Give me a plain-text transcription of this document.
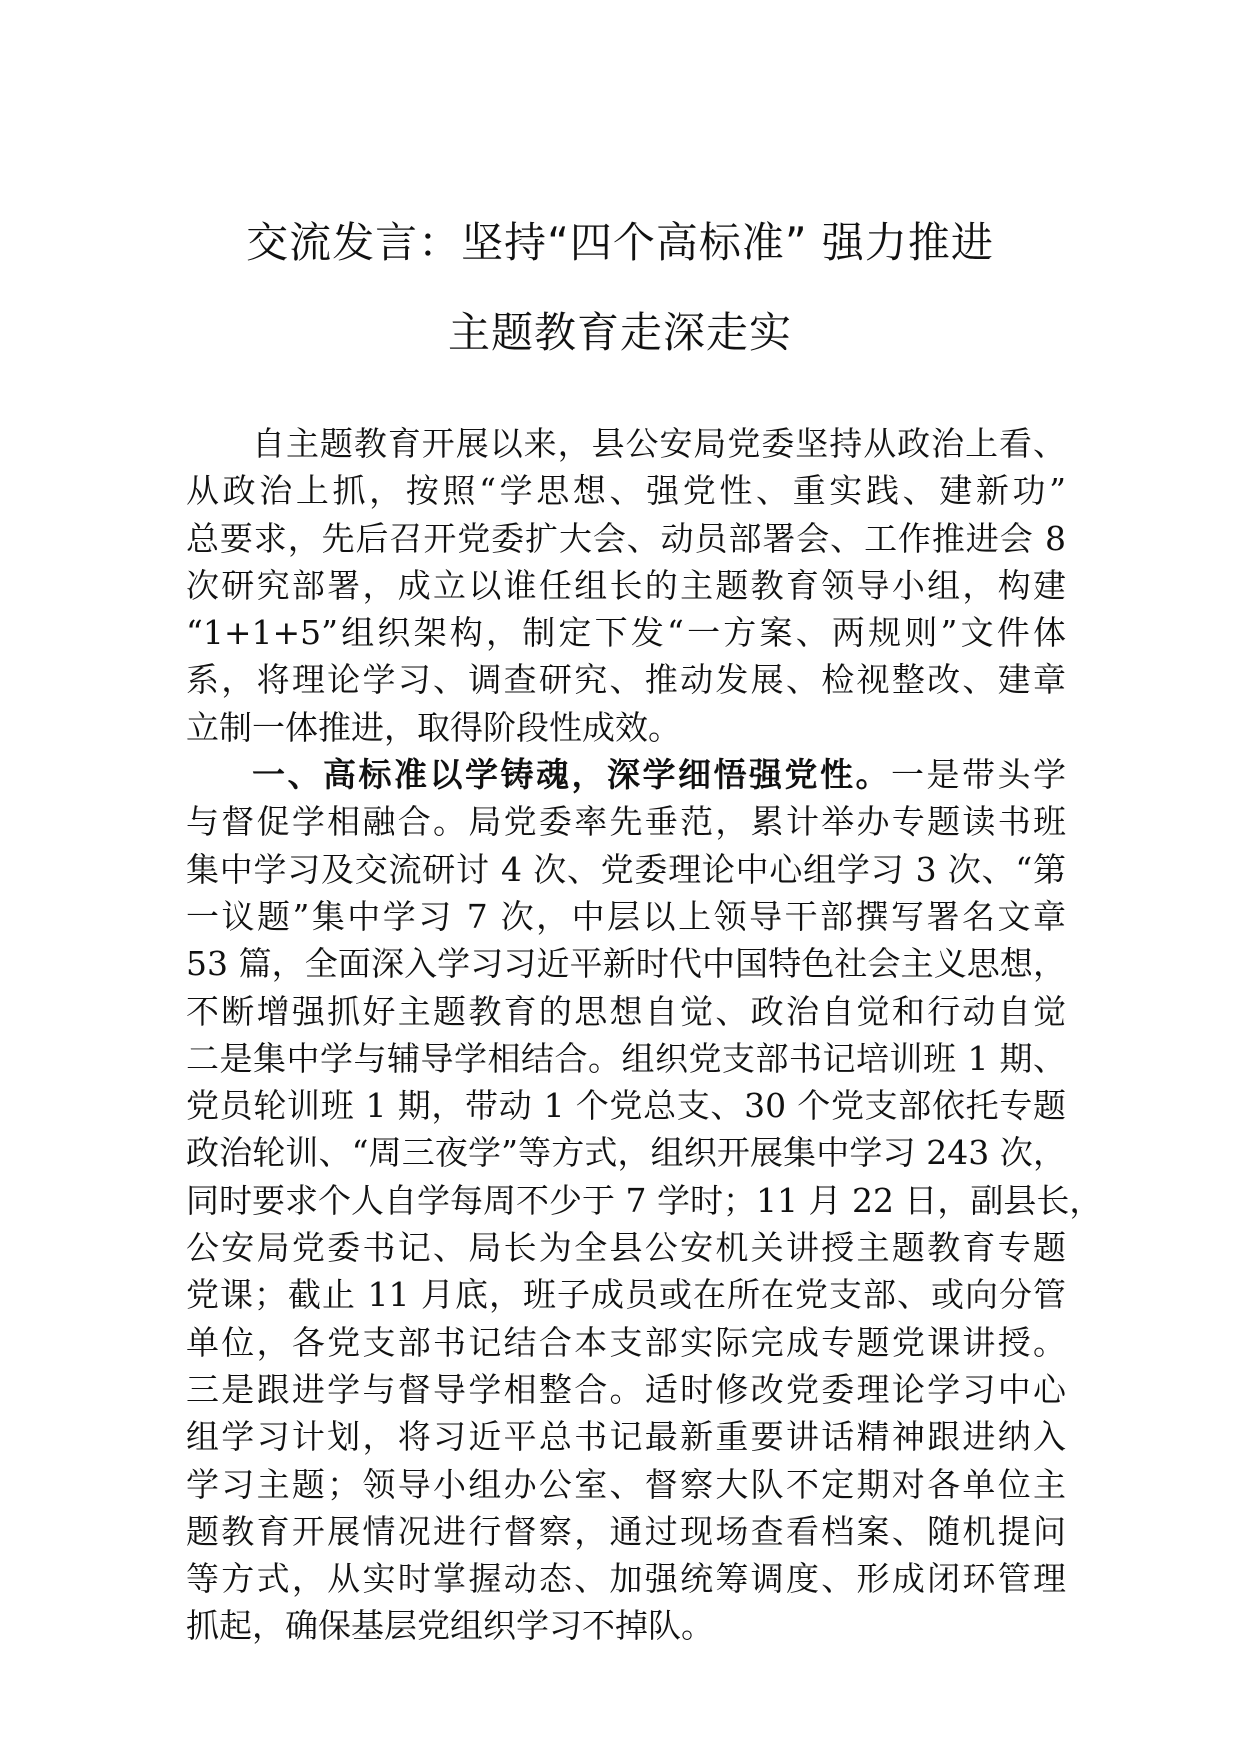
交流发言：坚持“四个高标准” 强力推进
主题教育走深走实
自主题教育开展以来，县公安局党委坚持从政治上看、
从政治上抓，按照“学思想、强党性、重实践、建新功”
总要求，先后召开党委扩大会、动员部署会、工作推进会 8
次研究部署，成立以谁任组长的主题教育领导小组，构建
“1+1+5”组织架构，制定下发“一方案、两规则”文件体
系，将理论学习、调查研究、推动发展、检视整改、建章
立制一体推进，取得阶段性成效。
一、高标准以学铸魂，深学细悟强党性。一是带头学
与督促学相融合。局党委率先垂范，累计举办专题读书班
集中学习及交流研讨 4 次、党委理论中心组学习 3 次、“第
一议题”集中学习 7 次，中层以上领导干部撰写署名文章
53 篇，全面深入学习习近平新时代中国特色社会主义思想，
不断增强抓好主题教育的思想自觉、政治自觉和行动自觉
二是集中学与辅导学相结合。组织党支部书记培训班 1 期、
党员轮训班 1 期，带动 1 个党总支、30 个党支部依托专题
政治轮训、“周三夜学”等方式，组织开展集中学习 243 次，
同时要求个人自学每周不少于 7 学时；11 月 22 日，副县长，
公安局党委书记、局长为全县公安机关讲授主题教育专题
党课；截止 11 月底，班子成员或在所在党支部、或向分管
单位，各党支部书记结合本支部实际完成专题党课讲授。
三是跟进学与督导学相整合。适时修改党委理论学习中心
组学习计划，将习近平总书记最新重要讲话精神跟进纳入
学习主题；领导小组办公室、督察大队不定期对各单位主
题教育开展情况进行督察，通过现场查看档案、随机提问
等方式，从实时掌握动态、加强统筹调度、形成闭环管理
抓起，确保基层党组织学习不掉队。
